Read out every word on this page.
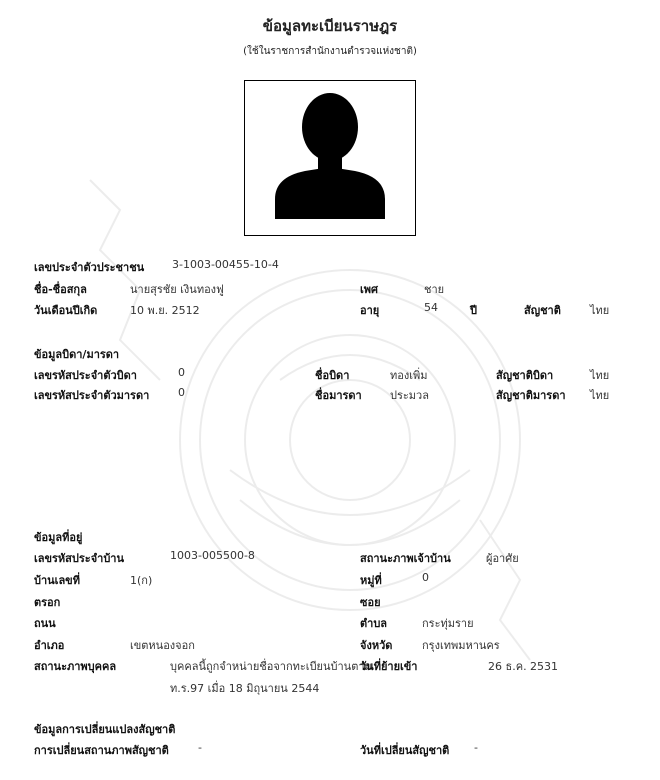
ข้อมูลทะเบียนราษฎร
(ใช้ในราชการสำนักงานตำรวจแห่งชาติ)
เลขประจำตัวประชาชน	3-1003-00455-10-4
ชื่อ-ชื่อสกุล	นายสุรชัย เงินทองฟู	เพศ	ชาย
วันเดือนปีเกิด	10 พ.ย. 2512	อายุ	54	ปี	สัญชาติ	ไทย
ข้อมูลบิดา/มารดา
เลขรหัสประจำตัวบิดา	0	ชื่อบิดา	ทองเพิ่ม	สัญชาติบิดา	ไทย
เลขรหัสประจำตัวมารดา	0	ชื่อมารดา	ประมวล	สัญชาติมารดา ไทย
ข้อมูลที่อยู่
เลขรหัสประจำบ้าน	1003-005500-8	สถานะภาพเจ้าบ้าน	ผู้อาศัย
บ้านเลขที่	1(ก)	หมู่ที่	0
ตรอก	ซอย
ถนน	ตำบล	กระทุ่มราย
อำเภอ	เขตหนองจอก	จังหวัด	กรุงเทพมหานคร
สถานะภาพบุคคล	บุคคลนี้ถูกจำหน่ายชื่อจากทะเบียนบ้านตาม
ท.ร.97 เมื่อ 18 มิถุนายน 2544
วันที่ย้ายเข้า	26 ธ.ค. 2531
ข้อมูลการเปลี่ยนแปลงสัญชาติ
การเปลี่ยนสถานภาพสัญชาติ	-	วันที่เปลี่ยนสัญชาติ -
